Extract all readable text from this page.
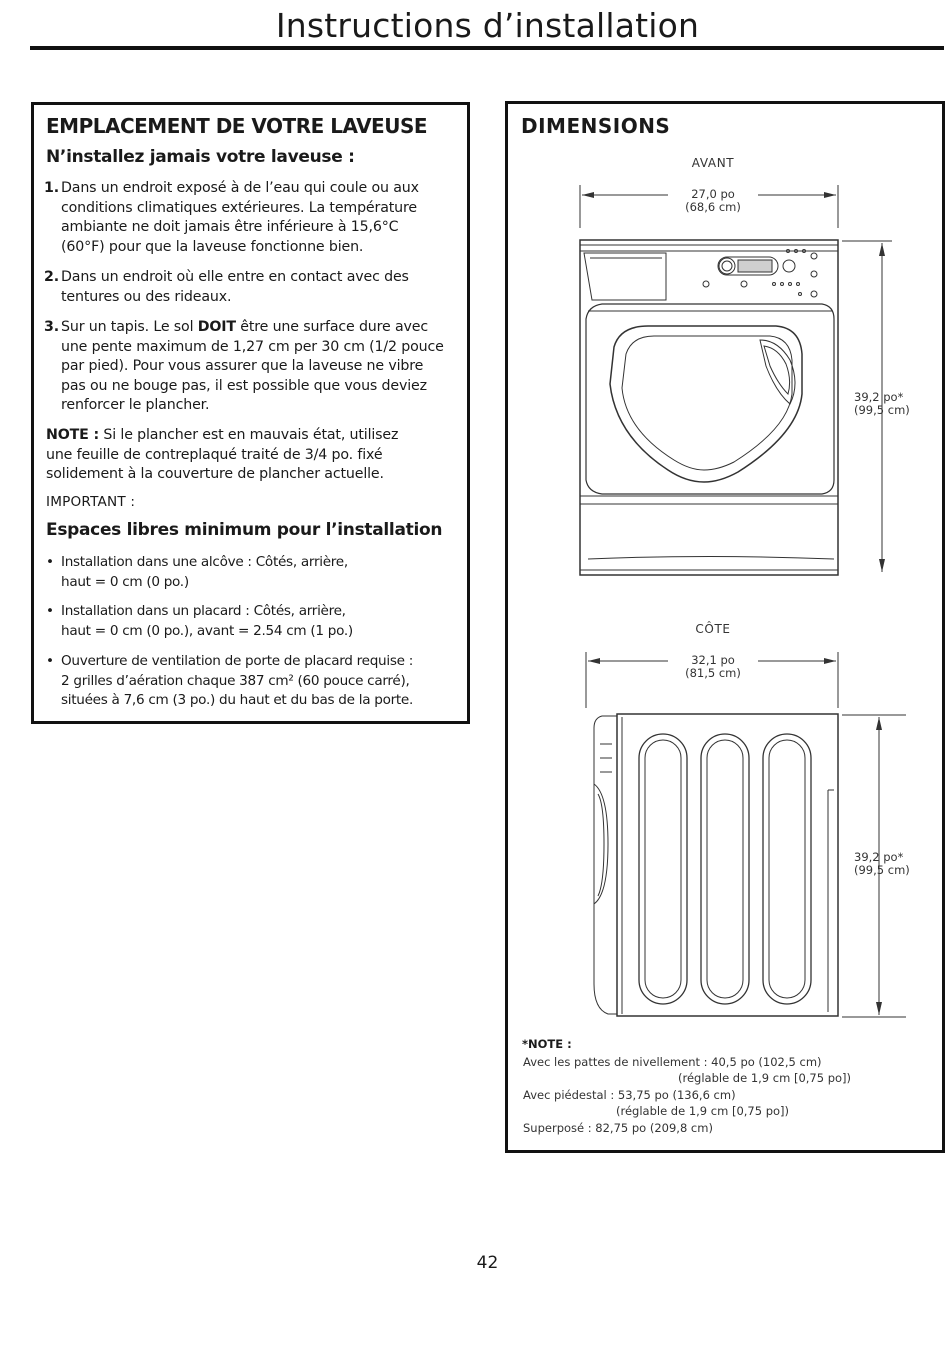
Instructions d’installation
EMPLACEMENT DE VOTRE LAVEUSE
N’installez jamais votre laveuse :
1. Dans un endroit exposé à de l’eau qui coule ou aux
conditions climatiques extérieures. La température
ambiante ne doit jamais être inférieure à 15,6°C
(60°F) pour que la laveuse fonctionne bien.
2. Dans un endroit où elle entre en contact avec des
tentures ou des rideaux.
3. Sur un tapis. Le sol DOIT être une surface dure avec
une pente maximum de 1,27 cm per 30 cm (1/2 pouce
par pied). Pour vous assurer que la laveuse ne vibre
pas ou ne bouge pas, il est possible que vous deviez
renforcer le plancher.
NOTE : Si le plancher est en mauvais état, utilisez
une feuille de contreplaqué traité de 3/4 po. fixé
solidement à la couverture de plancher actuelle.
IMPORTANT :
Espaces libres minimum pour l’installation
• Installation dans une alcôve : Côtés, arrière,
haut = 0 cm (0 po.)
• Installation dans un placard : Côtés, arrière,
haut = 0 cm (0 po.), avant = 2.54 cm (1 po.)
• Ouverture de ventilation de porte de placard requise :
2 grilles d’aération chaque 387 cm² (60 pouce carré),
situées à 7,6 cm (3 po.) du haut et du bas de la porte.
DIMENSIONS
AVANT
27,0 po
(68,6 cm)
39,2 po*
(99,5 cm)
CÔTE
32,1 po
(81,5 cm)
39,2 po*
(99,5 cm)
*NOTE :
Avec les pattes de nivellement : 40,5 po (102,5 cm)
(réglable de 1,9 cm [0,75 po])
Avec piédestal : 53,75 po (136,6 cm)
(réglable de 1,9 cm [0,75 po])
Superposé : 82,75 po (209,8 cm)
42
